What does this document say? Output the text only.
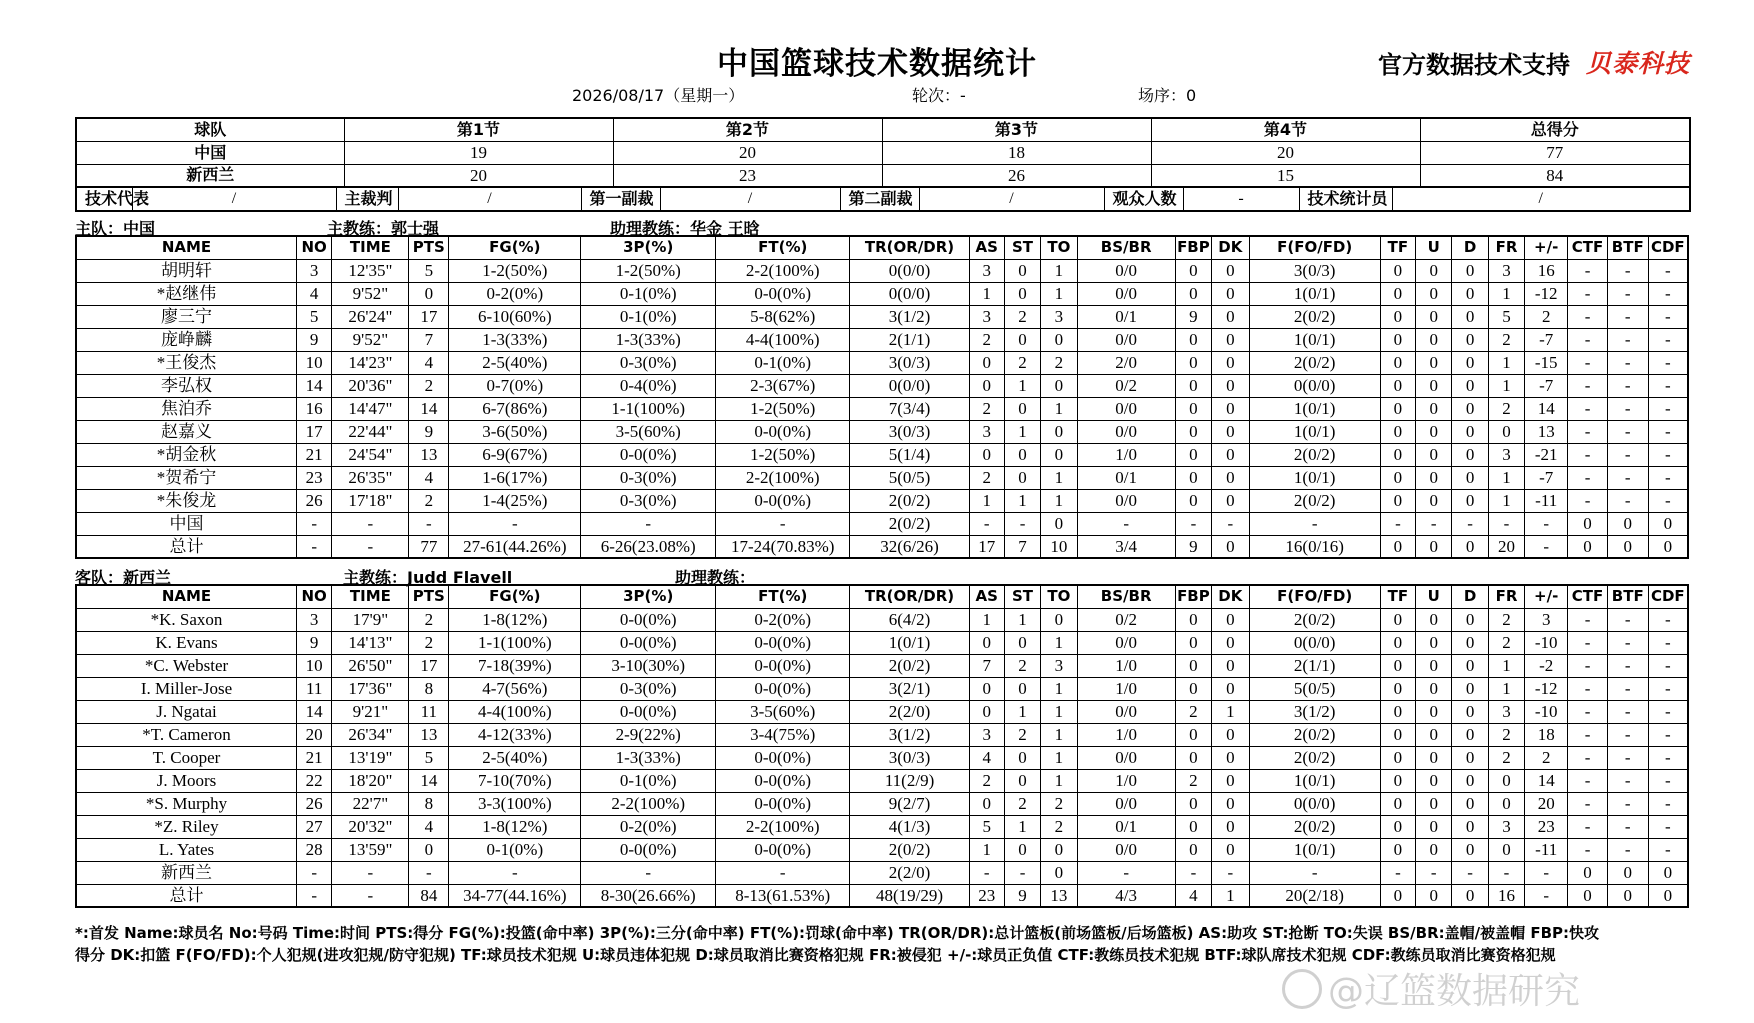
中国篮球技术数据统计	官方数据技术支持 贝泰科技
2026/08/17（星期一）	轮次：-	场序：0
球队	第1节	第2节	第3节	第4节	总得分
中国	19	20	18	20	77
新西兰	20	23	26	15	84
技术代表	/	主裁判	/	第一副裁	/	第二副裁	/	观众人数	-	技术统计员	/
主队：中国	主教练：郭士强	助理教练：华金 王晗
NAME	NO	TIME	PTS	FG(%)	3P(%)	FT(%)	TR(OR/DR)	AS	ST	TO	BS/BR	FBP	DK	F(FO/FD)	TF	U	D	FR	+/-	CTF	BTF	CDF
胡明轩	3	12'35"	5	1-2(50%)	1-2(50%)	2-2(100%)	0(0/0)	3	0	1	0/0	0	0	3(0/3)	0	0	0	3	16	-	-	-
*赵继伟	4	9'52"	0	0-2(0%)	0-1(0%)	0-0(0%)	0(0/0)	1	0	1	0/0	0	0	1(0/1)	0	0	0	1	-12	-	-	-
廖三宁	5	26'24"	17	6-10(60%)	0-1(0%)	5-8(62%)	3(1/2)	3	2	3	0/1	9	0	2(0/2)	0	0	0	5	2	-	-	-
庞峥麟	9	9'52"	7	1-3(33%)	1-3(33%)	4-4(100%)	2(1/1)	2	0	0	0/0	0	0	1(0/1)	0	0	0	2	-7	-	-	-
*王俊杰	10	14'23"	4	2-5(40%)	0-3(0%)	0-1(0%)	3(0/3)	0	2	2	2/0	0	0	2(0/2)	0	0	0	1	-15	-	-	-
李弘权	14	20'36"	2	0-7(0%)	0-4(0%)	2-3(67%)	0(0/0)	0	1	0	0/2	0	0	0(0/0)	0	0	0	1	-7	-	-	-
焦泊乔	16	14'47"	14	6-7(86%)	1-1(100%)	1-2(50%)	7(3/4)	2	0	1	0/0	0	0	1(0/1)	0	0	0	2	14	-	-	-
赵嘉义	17	22'44"	9	3-6(50%)	3-5(60%)	0-0(0%)	3(0/3)	3	1	0	0/0	0	0	1(0/1)	0	0	0	0	13	-	-	-
*胡金秋	21	24'54"	13	6-9(67%)	0-0(0%)	1-2(50%)	5(1/4)	0	0	0	1/0	0	0	2(0/2)	0	0	0	3	-21	-	-	-
*贺希宁	23	26'35"	4	1-6(17%)	0-3(0%)	2-2(100%)	5(0/5)	2	0	1	0/1	0	0	1(0/1)	0	0	0	1	-7	-	-	-
*朱俊龙	26	17'18"	2	1-4(25%)	0-3(0%)	0-0(0%)	2(0/2)	1	1	1	0/0	0	0	2(0/2)	0	0	0	1	-11	-	-	-
中国	-	-	-	-	-	-	2(0/2)	-	-	0	-	-	-	-	-	-	-	-	-	0	0	0
总计	-	-	77	27-61(44.26%)	6-26(23.08%)	17-24(70.83%)	32(6/26)	17	7	10	3/4	9	0	16(0/16)	0	0	0	20	-	0	0	0
客队：新西兰	主教练：Judd Flavell	助理教练：
NAME	NO	TIME	PTS	FG(%)	3P(%)	FT(%)	TR(OR/DR)	AS	ST	TO	BS/BR	FBP	DK	F(FO/FD)	TF	U	D	FR	+/-	CTF	BTF	CDF
*K. Saxon	3	17'9"	2	1-8(12%)	0-0(0%)	0-2(0%)	6(4/2)	1	1	0	0/2	0	0	2(0/2)	0	0	0	2	3	-	-	-
K. Evans	9	14'13"	2	1-1(100%)	0-0(0%)	0-0(0%)	1(0/1)	0	0	1	0/0	0	0	0(0/0)	0	0	0	2	-10	-	-	-
*C. Webster	10	26'50"	17	7-18(39%)	3-10(30%)	0-0(0%)	2(0/2)	7	2	3	1/0	0	0	2(1/1)	0	0	0	1	-2	-	-	-
I. Miller-Jose	11	17'36"	8	4-7(56%)	0-3(0%)	0-0(0%)	3(2/1)	0	0	1	1/0	0	0	5(0/5)	0	0	0	1	-12	-	-	-
J. Ngatai	14	9'21"	11	4-4(100%)	0-0(0%)	3-5(60%)	2(2/0)	0	1	1	0/0	2	1	3(1/2)	0	0	0	3	-10	-	-	-
*T. Cameron	20	26'34"	13	4-12(33%)	2-9(22%)	3-4(75%)	3(1/2)	3	2	1	1/0	0	0	2(0/2)	0	0	0	2	18	-	-	-
T. Cooper	21	13'19"	5	2-5(40%)	1-3(33%)	0-0(0%)	3(0/3)	4	0	1	0/0	0	0	2(0/2)	0	0	0	2	2	-	-	-
J. Moors	22	18'20"	14	7-10(70%)	0-1(0%)	0-0(0%)	11(2/9)	2	0	1	1/0	2	0	1(0/1)	0	0	0	0	14	-	-	-
*S. Murphy	26	22'7"	8	3-3(100%)	2-2(100%)	0-0(0%)	9(2/7)	0	2	2	0/0	0	0	0(0/0)	0	0	0	0	20	-	-	-
*Z. Riley	27	20'32"	4	1-8(12%)	0-2(0%)	2-2(100%)	4(1/3)	5	1	2	0/1	0	0	2(0/2)	0	0	0	3	23	-	-	-
L. Yates	28	13'59"	0	0-1(0%)	0-0(0%)	0-0(0%)	2(0/2)	1	0	0	0/0	0	0	1(0/1)	0	0	0	0	-11	-	-	-
新西兰	-	-	-	-	-	-	2(2/0)	-	-	0	-	-	-	-	-	-	-	-	-	0	0	0
总计	-	-	84	34-77(44.16%)	8-30(26.66%)	8-13(61.53%)	48(19/29)	23	9	13	4/3	4	1	20(2/18)	0	0	0	16	-	0	0	0
*:首发 Name:球员名 No:号码 Time:时间 PTS:得分 FG(%):投篮(命中率) 3P(%):三分(命中率) FT(%):罚球(命中率) TR(OR/DR):总计篮板(前场篮板/后场篮板) AS:助攻 ST:抢断 TO:失误 BS/BR:盖帽/被盖帽 FBP:快攻
得分 DK:扣篮 F(FO/FD):个人犯规(进攻犯规/防守犯规) TF:球员技术犯规 U:球员违体犯规 D:球员取消比赛资格犯规 FR:被侵犯 +/-:球员正负值 CTF:教练员技术犯规 BTF:球队席技术犯规 CDF:教练员取消比赛资格犯规
@辽篮数据研究
